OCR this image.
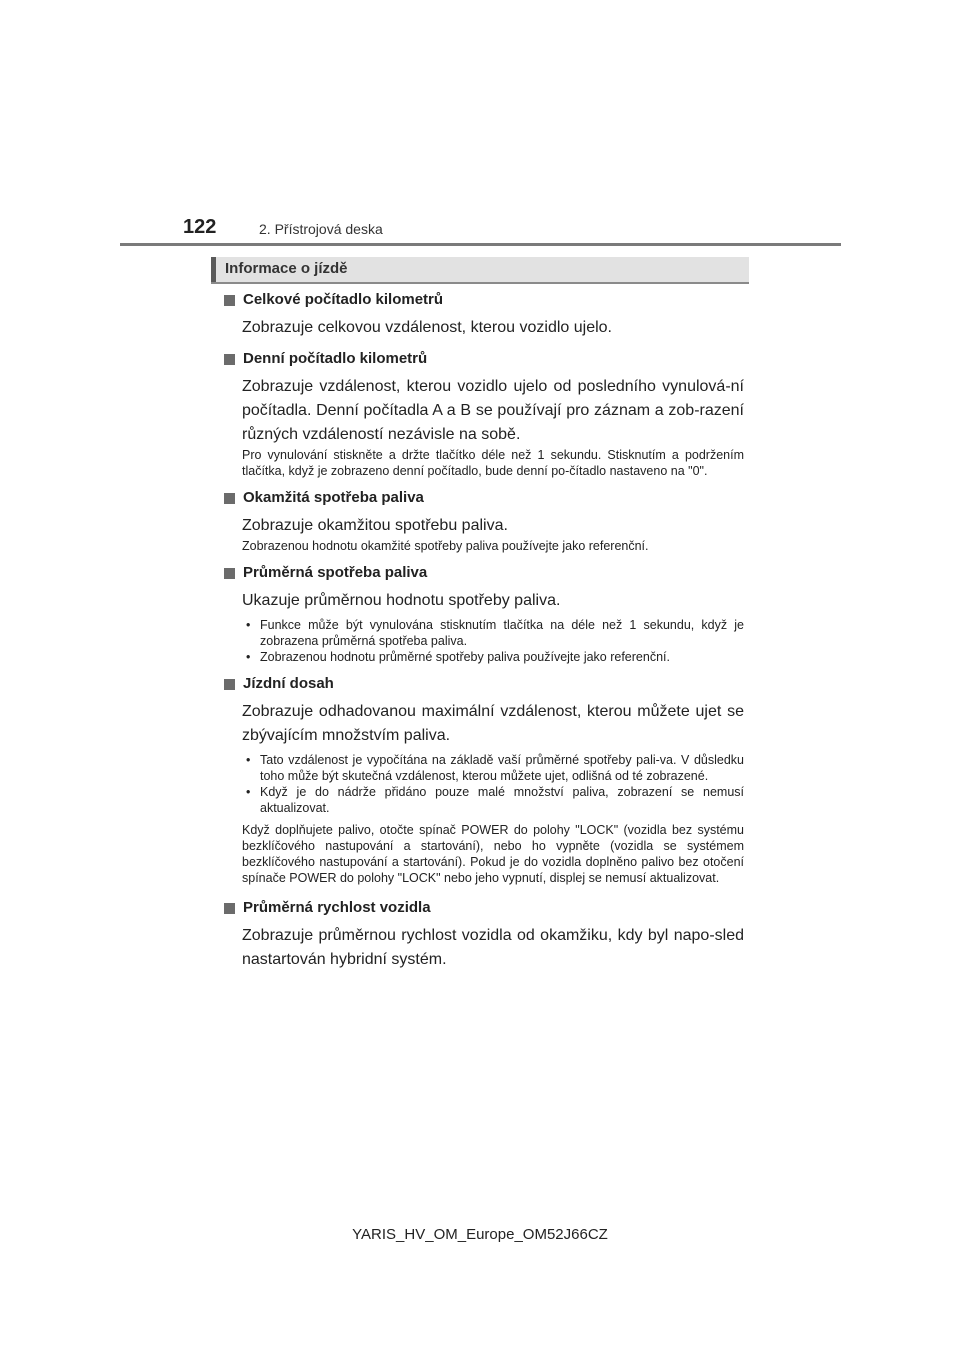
122	2. Přístrojová deska
Informace o jízdě
Celkové počítadlo kilometrů
Zobrazuje celkovou vzdálenost, kterou vozidlo ujelo.
Denní počítadlo kilometrů
Zobrazuje vzdálenost, kterou vozidlo ujelo od posledního vynulová-ní počítadla. Denní počítadla A a B se používají pro záznam a zob-razení různých vzdáleností nezávisle na sobě.
Pro vynulování stiskněte a držte tlačítko déle než 1 sekundu. Stisknutím a podržením tlačítka, když je zobrazeno denní počítadlo, bude denní po-čítadlo nastaveno na "0".
Okamžitá spotřeba paliva
Zobrazuje okamžitou spotřebu paliva.
Zobrazenou hodnotu okamžité spotřeby paliva používejte jako referenční.
Průměrná spotřeba paliva
Ukazuje průměrnou hodnotu spotřeby paliva.
• Funkce může být vynulována stisknutím tlačítka na déle než 1 sekundu, když je zobrazena průměrná spotřeba paliva.
• Zobrazenou hodnotu průměrné spotřeby paliva používejte jako referenční.
Jízdní dosah
Zobrazuje odhadovanou maximální vzdálenost, kterou můžete ujet se zbývajícím množstvím paliva.
• Tato vzdálenost je vypočítána na základě vaší průměrné spotřeby pali-va. V důsledku toho může být skutečná vzdálenost, kterou můžete ujet, odlišná od té zobrazené.
• Když je do nádrže přidáno pouze malé množství paliva, zobrazení se nemusí aktualizovat.
Když doplňujete palivo, otočte spínač POWER do polohy "LOCK" (vozidla bez systému bezklíčového nastupování a startování), nebo ho vypněte (vozidla se systémem bezklíčového nastupování a startování). Pokud je do vozidla doplněno palivo bez otočení spínače POWER do polohy "LOCK" nebo jeho vypnutí, displej se nemusí aktualizovat.
Průměrná rychlost vozidla
Zobrazuje průměrnou rychlost vozidla od okamžiku, kdy byl napo-sled nastartován hybridní systém.
YARIS_HV_OM_Europe_OM52J66CZ
